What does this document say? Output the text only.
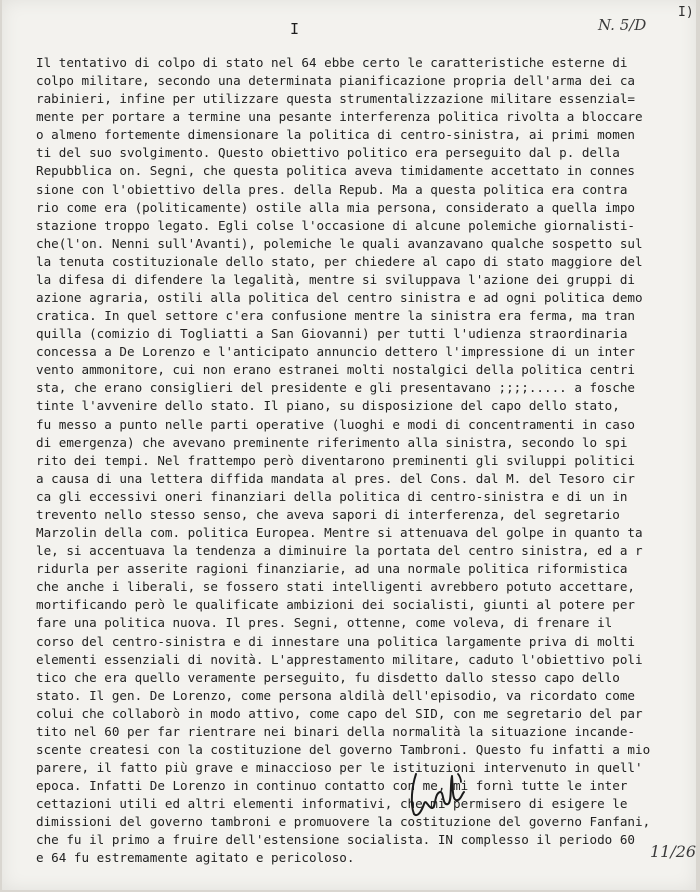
I	N. 5/D
I)
Il tentativo di colpo di stato nel 64 ebbe certo le caratteristiche esterne di
colpo militare, secondo una determinata pianificazione propria dell'arma dei ca
rabinieri, infine per utilizzare questa strumentalizzazione militare essenzial=
mente per portare a termine una pesante interferenza politica rivolta a bloccare
o almeno fortemente dimensionare la politica di centro-sinistra, ai primi momen
ti del suo svolgimento. Questo obiettivo politico era perseguito dal p. della
Repubblica on. Segni, che questa politica aveva timidamente accettato in connes
sione con l'obiettivo della pres. della Repub. Ma a questa politica era contra
rio come era (politicamente) ostile alla mia persona, considerato a quella impo
stazione troppo legato. Egli colse l'occasione di alcune polemiche giornalisti-
che(l'on. Nenni sull'Avanti), polemiche le quali avanzavano qualche sospetto sul
la tenuta costituzionale dello stato, per chiedere al capo di stato maggiore del
la difesa di difendere la legalità, mentre si sviluppava l'azione dei gruppi di
azione agraria, ostili alla politica del centro sinistra e ad ogni politica demo
cratica. In quel settore c'era confusione mentre la sinistra era ferma, ma tran
quilla (comizio di Togliatti a San Giovanni) per tutti l'udienza straordinaria
concessa a De Lorenzo e l'anticipato annuncio dettero l'impressione di un inter
vento ammonitore, cui non erano estranei molti nostalgici della politica centri
sta, che erano consiglieri del presidente e gli presentavano ;;;;..... a fosche
tinte l'avvenire dello stato. Il piano, su disposizione del capo dello stato,
fu messo a punto nelle parti operative (luoghi e modi di concentramenti in caso
di emergenza) che avevano preminente riferimento alla sinistra, secondo lo spi
rito dei tempi. Nel frattempo però diventarono preminenti gli sviluppi politici
a causa di una lettera diffida mandata al pres. del Cons. dal M. del Tesoro cir
ca gli eccessivi oneri finanziari della politica di centro-sinistra e di un in
trevento nello stesso senso, che aveva sapori di interferenza, del segretario
Marzolin della com. politica Europea. Mentre si attenuava del golpe in quanto ta
le, si accentuava la tendenza a diminuire la portata del centro sinistra, ed a r
ridurla per asserite ragioni finanziarie, ad una normale politica riformistica
che anche i liberali, se fossero stati intelligenti avrebbero potuto accettare,
mortificando però le qualificate ambizioni dei socialisti, giunti al potere per
fare una politica nuova. Il pres. Segni, ottenne, come voleva, di frenare il
corso del centro-sinistra e di innestare una politica largamente priva di molti
elementi essenziali di novità. L'apprestamento militare, caduto l'obiettivo poli
tico che era quello veramente perseguito, fu disdetto dallo stesso capo dello
stato. Il gen. De Lorenzo, come persona aldilà dell'episodio, va ricordato come
colui che collaborò in modo attivo, come capo del SID, con me segretario del par
tito nel 60 per far rientrare nei binari della normalità la situazione incande-
scente createsi con la costituzione del governo Tambroni. Questo fu infatti a mio
parere, il fatto più grave e minaccioso per le istituzioni intervenuto in quell'
epoca. Infatti De Lorenzo in continuo contatto con me, mi fornì tutte le inter
cettazioni utili ed altri elementi informativi, che mi permisero di esigere le
dimissioni del governo tambroni e promuovere la costituzione del governo Fanfani,
che fu il primo a fruire dell'estensione socialista. IN complesso il periodo 60
e 64 fu estremamente agitato e pericoloso.	11/26
